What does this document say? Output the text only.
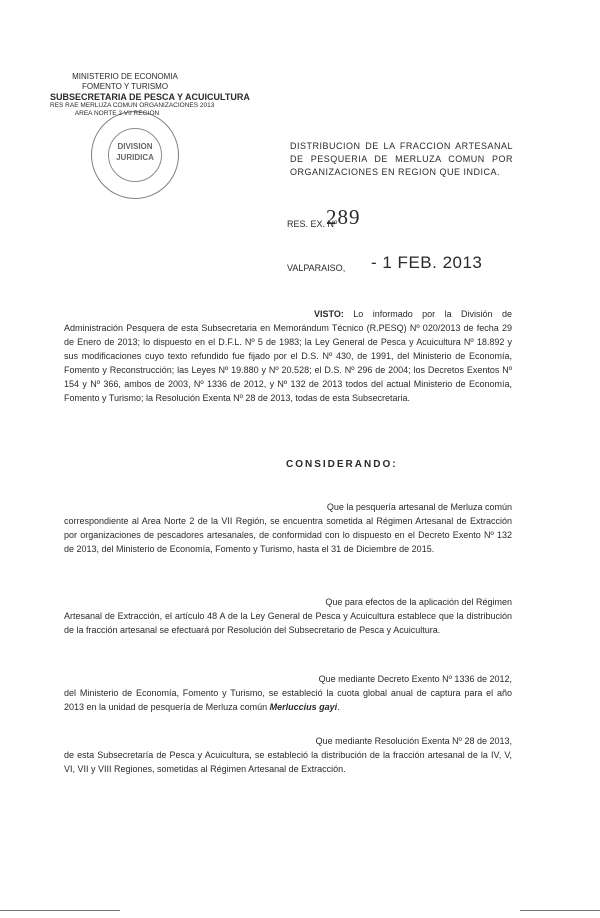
MINISTERIO DE ECONOMIA
FOMENTO Y TURISMO
SUBSECRETARIA DE PESCA Y ACUICULTURA
RES RAE MERLUZA COMUN ORGANIZACIONES 2013
AREA NORTE 2 VII REGION
DIVISION
JURIDICA
DISTRIBUCION DE LA FRACCION ARTESANAL DE PESQUERIA DE MERLUZA COMUN POR ORGANIZACIONES EN REGION QUE INDICA.
RES. EX. Nº
289
VALPARAISO, - 1 FEB. 2013
VISTO: Lo informado por la División de Administración Pesquera de esta Subsecretaria en Memorándum Técnico (R.PESQ) Nº 020/2013 de fecha 29 de Enero de 2013; lo dispuesto en el D.F.L. Nº 5 de 1983; la Ley General de Pesca y Acuicultura Nº 18.892 y sus modificaciones cuyo texto refundido fue fijado por el D.S. Nº 430, de 1991, del Ministerio de Economía, Fomento y Reconstrucción; las Leyes Nº 19.880 y Nº 20.528; el D.S. Nº 296 de 2004; los Decretos Exentos Nº 154 y Nº 366, ambos de 2003, Nº 1336 de 2012, y Nº 132 de 2013 todos del actual Ministerio de Economía, Fomento y Turismo; la Resolución Exenta Nº 28 de 2013, todas de esta Subsecretaria.
CONSIDERANDO:
Que la pesquería artesanal de Merluza común
correspondiente al Area Norte 2 de la VII Región, se encuentra sometida al Régimen Artesanal de Extracción por organizaciones de pescadores artesanales, de conformidad con lo dispuesto en el Decreto Exento Nº 132 de 2013, del Ministerio de Economía, Fomento y Turismo, hasta el 31 de Diciembre de 2015.
Que para efectos de la aplicación del Régimen
Artesanal de Extracción, el artículo 48 A de la Ley General de Pesca y Acuicultura establece que la distribución de la fracción artesanal se efectuará por Resolución del Subsecretario de Pesca y Acuicultura.
Que mediante Decreto Exento Nº 1336 de 2012,
del Ministerio de Economía, Fomento y Turismo, se estableció la cuota global anual de captura para el año 2013 en la unidad de pesquería de Merluza común Merluccius gayi.
Que mediante Resolución Exenta Nº 28 de 2013,
de esta Subsecretaría de Pesca y Acuicultura, se estableció la distribución de la fracción artesanal de la IV, V, VI, VII y VIII Regiones, sometidas al Régimen Artesanal de Extracción.
